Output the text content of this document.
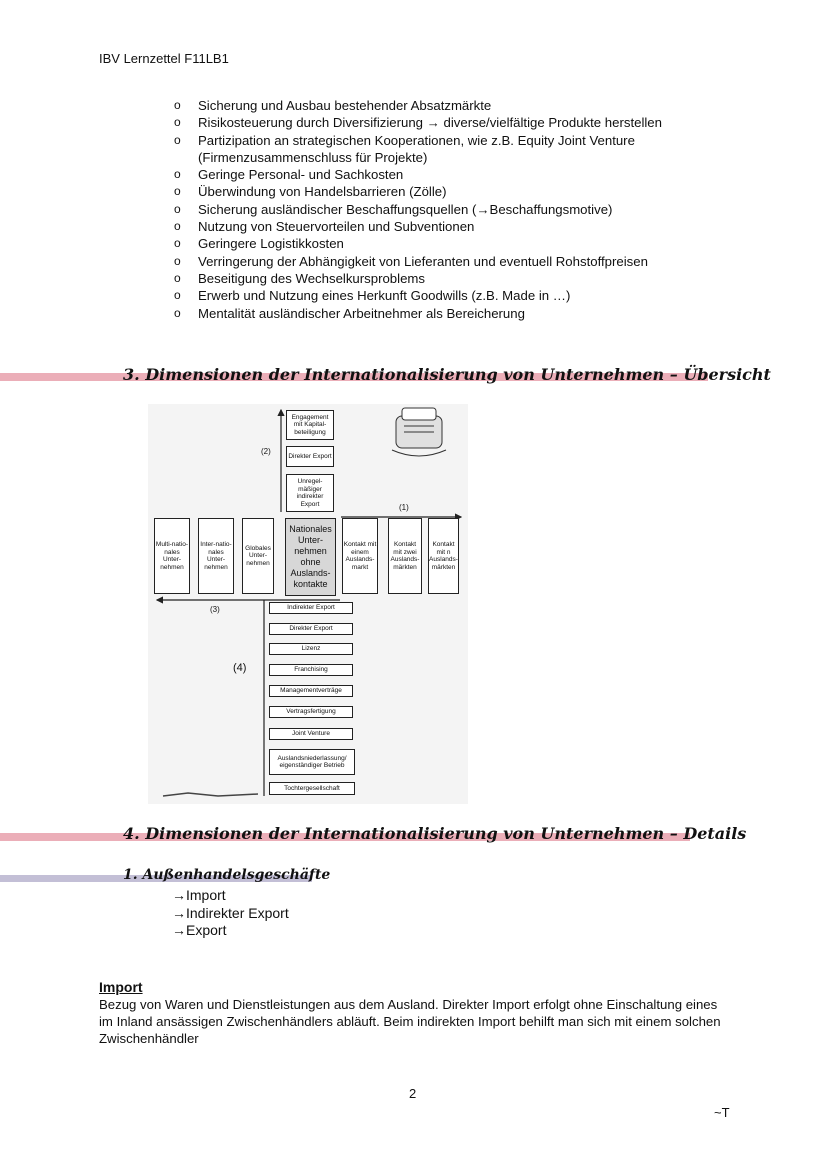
IBV Lernzettel F11LB1
o Sicherung und Ausbau bestehender Absatzmärkte
o Risikosteuerung durch Diversifizierung → diverse/vielfältige Produkte herstellen
o Partizipation an strategischen Kooperationen, wie z.B. Equity Joint Venture (Firmenzusammenschluss für Projekte)
o Geringe Personal- und Sachkosten
o Überwindung von Handelsbarrieren (Zölle)
o Sicherung ausländischer Beschaffungsquellen (→Beschaffungsmotive)
o Nutzung von Steuervorteilen und Subventionen
o Geringere Logistikkosten
o Verringerung der Abhängigkeit von Lieferanten und eventuell Rohstoffpreisen
o Beseitigung des Wechselkursproblems
o Erwerb und Nutzung eines Herkunft Goodwills (z.B. Made in …)
o Mentalität ausländischer Arbeitnehmer als Bereicherung
3. Dimensionen der Internationalisierung von Unternehmen – Übersicht
Engagement mit Kapital-beteiligung
Direkter Export
Unregel-mäßiger indirekter Export
Multi-natio-nales Unter-nehmen
Inter-natio-nales Unter-nehmen
Globales Unter-nehmen
Nationales Unter-nehmen ohne Auslands-kontakte
Kontakt mit einem Auslands-markt
Kontakt mit zwei Auslands-märkten
Kontakt mit n Auslands-märkten
Indirekter Export
Direkter Export
Lizenz
Franchising
Managementverträge
Vertragsfertigung
Joint Venture
Auslandsniederlassung/ eigenständiger Betrieb
Tochtergesellschaft
(1)
(2)
(3)
(4)
4. Dimensionen der Internationalisierung von Unternehmen – Details
1. Außenhandelsgeschäfte
→Import
→Indirekter Export
→Export
Import
Bezug von Waren und Dienstleistungen aus dem Ausland. Direkter Import erfolgt ohne Einschaltung eines im Inland ansässigen Zwischenhändlers abläuft. Beim indirekten Import behilft man sich mit einem solchen Zwischenhändler
2
~T
